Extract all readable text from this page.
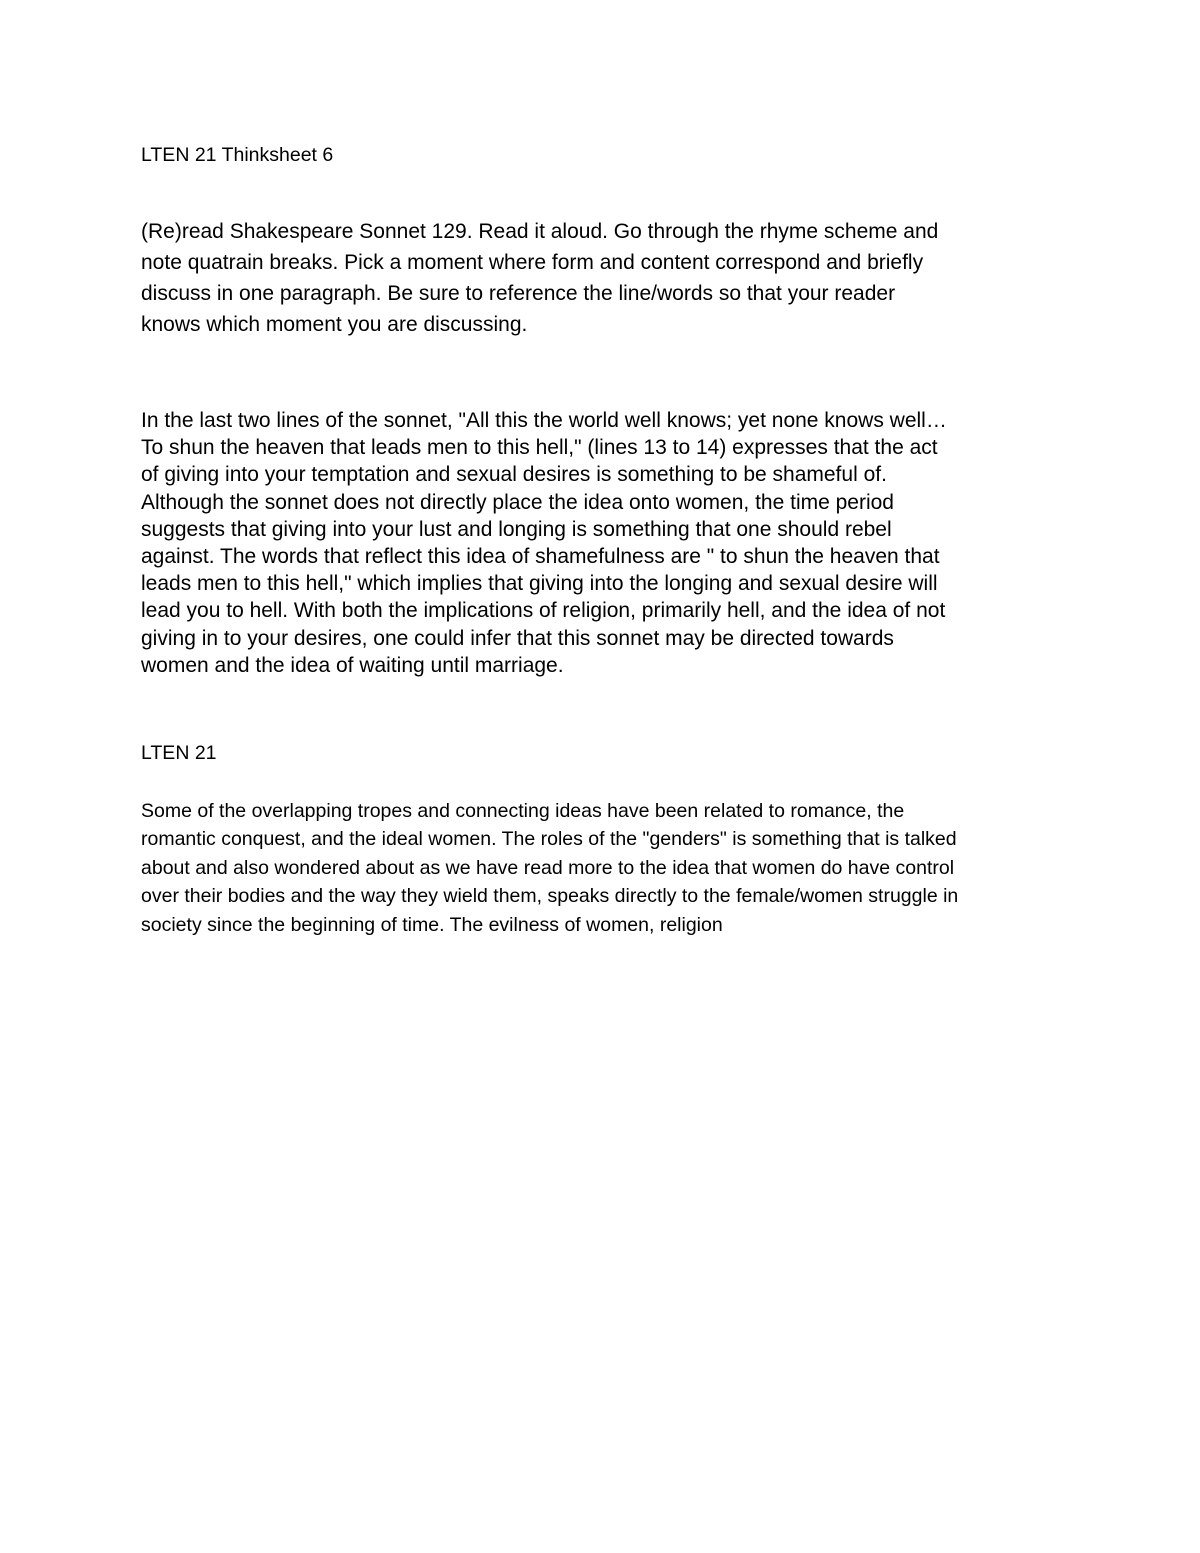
LTEN 21 Thinksheet 6
(Re)read Shakespeare Sonnet 129. Read it aloud. Go through the rhyme scheme and
note quatrain breaks. Pick a moment where form and content correspond and briefly
discuss in one paragraph. Be sure to reference the line/words so that your reader
knows which moment you are discussing.
In the last two lines of the sonnet, "All this the world well knows; yet none knows well…
To shun the heaven that leads men to this hell," (lines 13 to 14) expresses that the act
of giving into your temptation and sexual desires is something to be shameful of.
Although the sonnet does not directly place the idea onto women, the time period
suggests that giving into your lust and longing is something that one should rebel
against. The words that reflect this idea of shamefulness are " to shun the heaven that
leads men to this hell," which implies that giving into the longing and sexual desire will
lead you to hell. With both the implications of religion, primarily hell, and the idea of not
giving in to your desires, one could infer that this sonnet may be directed towards
women and the idea of waiting until marriage.
LTEN 21
Some of the overlapping tropes and connecting ideas have been related to romance, the
romantic conquest, and the ideal women. The roles of the "genders" is something that is talked
about and also wondered about as we have read more to the idea that women do have control
over their bodies and the way they wield them, speaks directly to the female/women struggle in
society since the beginning of time. The evilness of women, religion
